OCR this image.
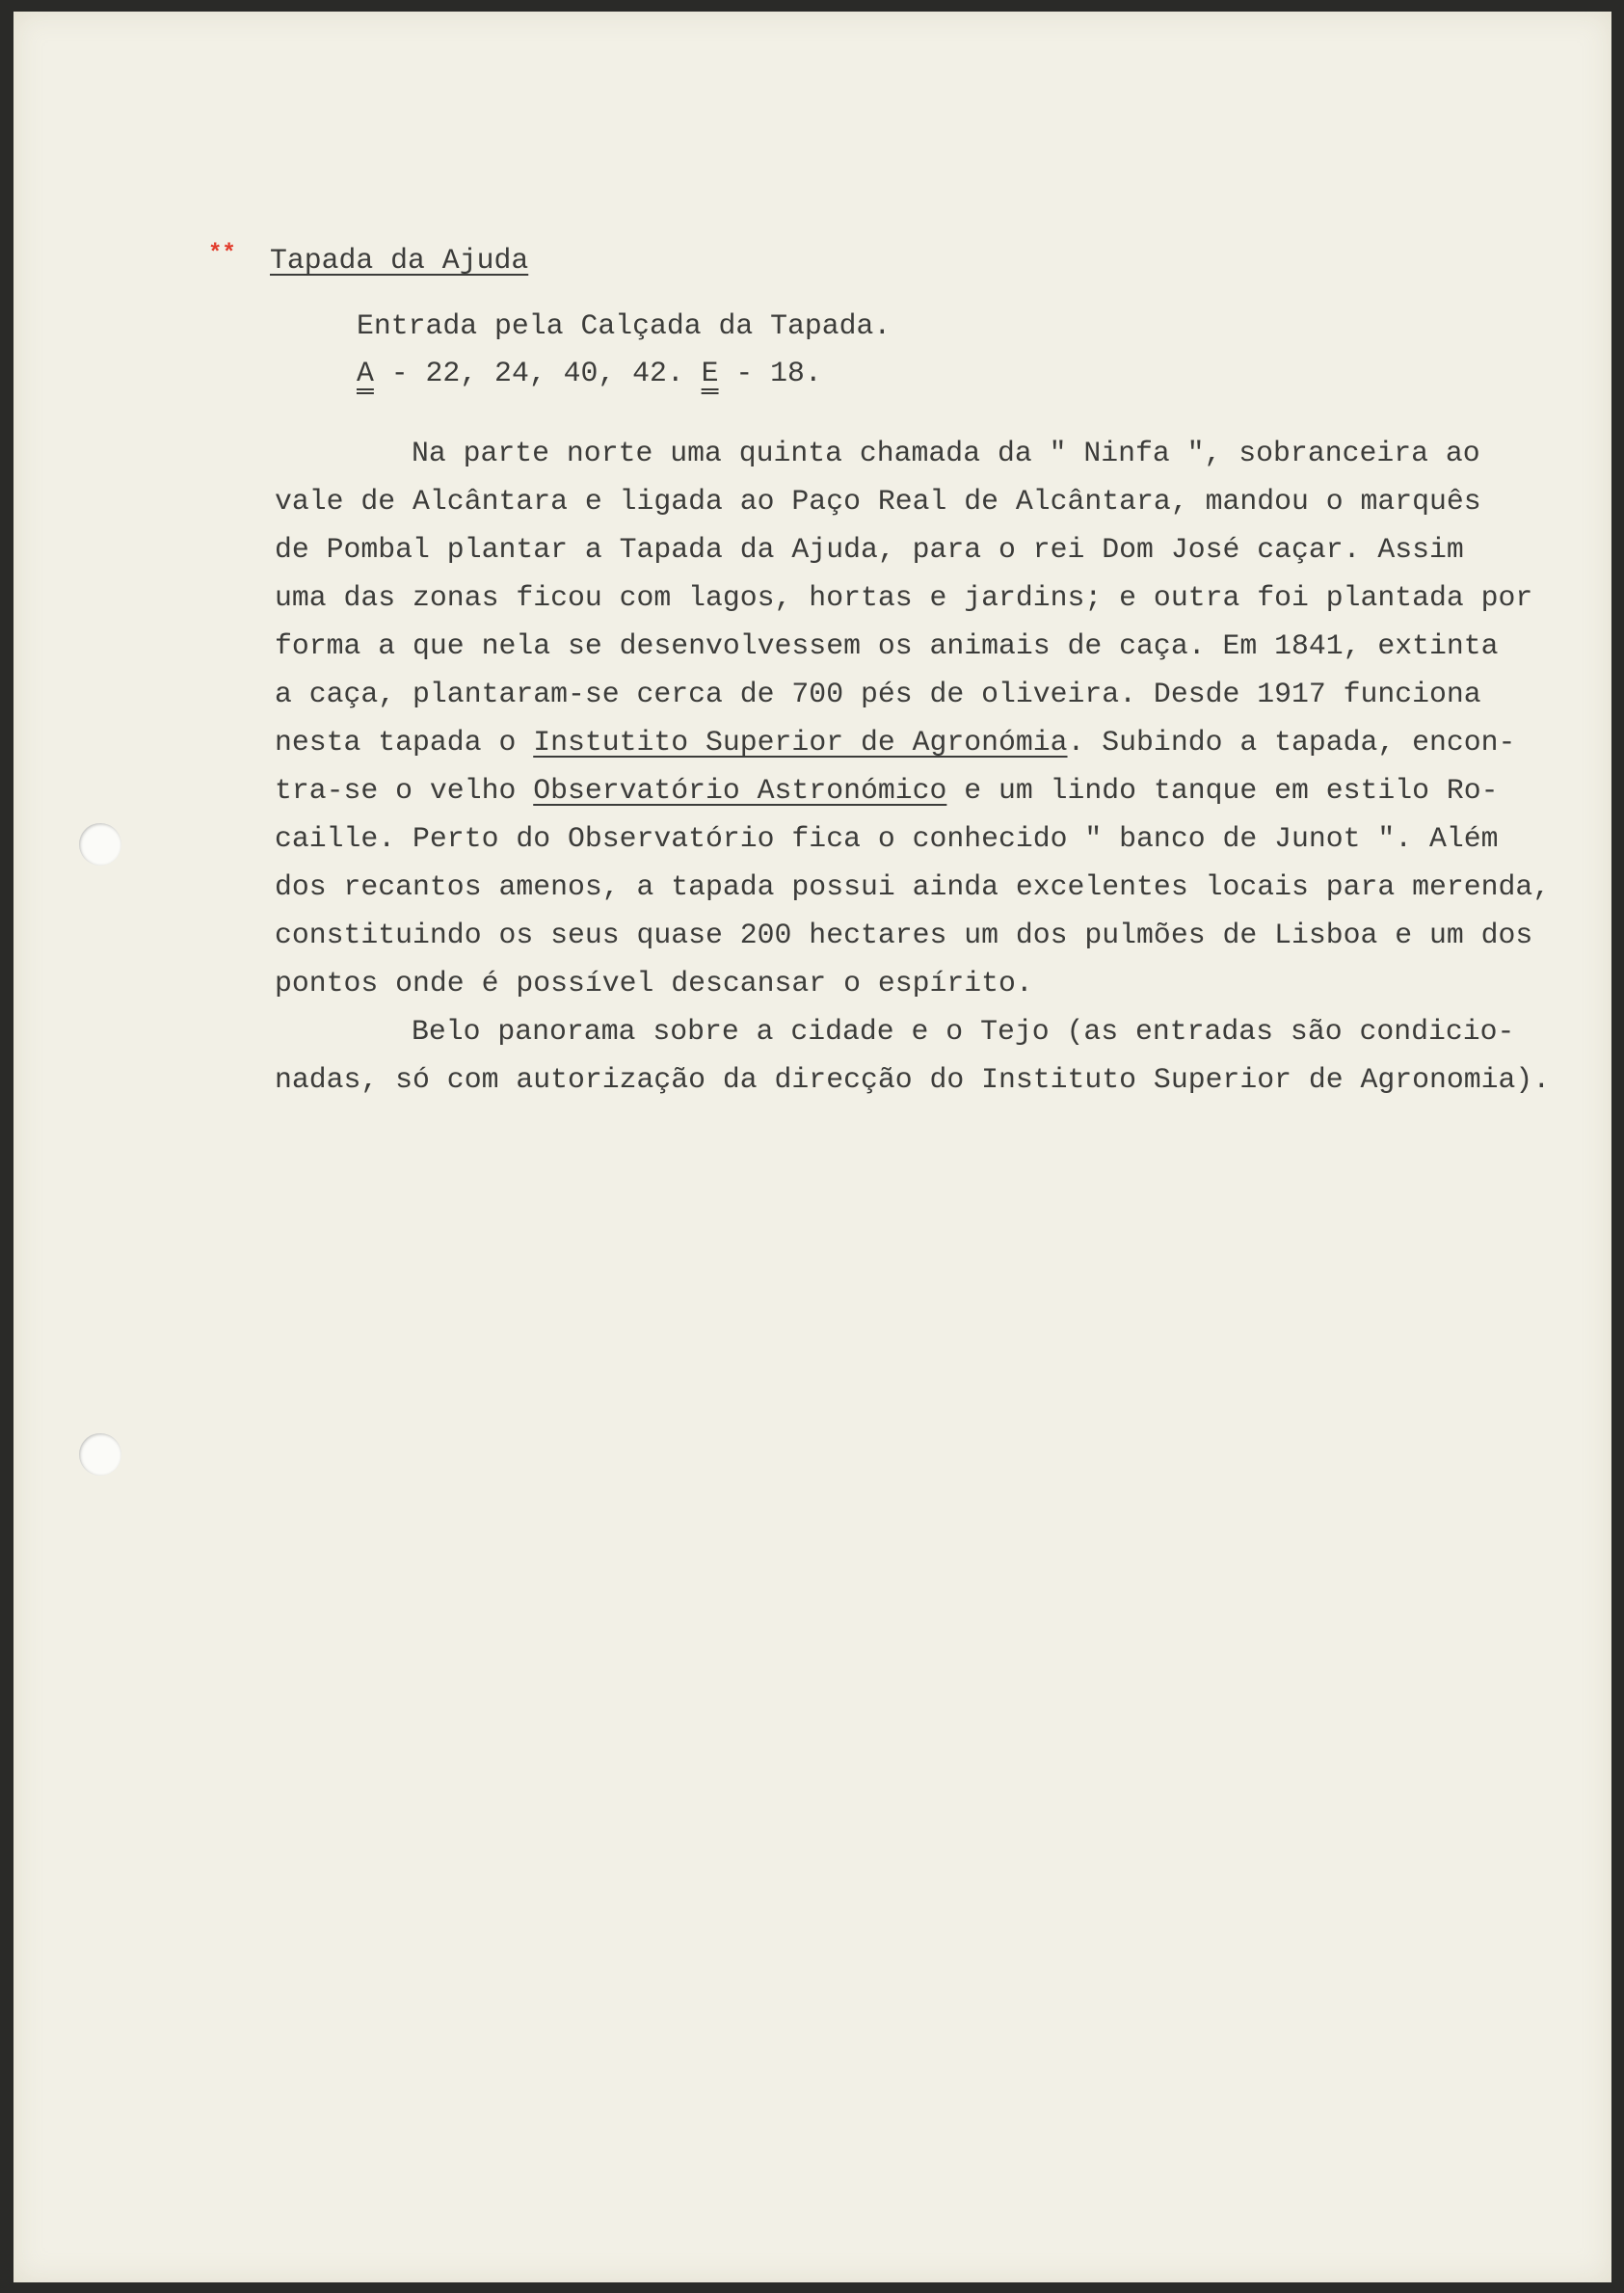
** Tapada da Ajuda
Entrada pela Calçada da Tapada.
A - 22, 24, 40, 42. E - 18.
Na parte norte uma quinta chamada da " Ninfa ", sobranceira ao
vale de Alcântara e ligada ao Paço Real de Alcântara, mandou o marquês
de Pombal plantar a Tapada da Ajuda, para o rei Dom José caçar. Assim
uma das zonas ficou com lagos, hortas e jardins; e outra foi plantada por
forma a que nela se desenvolvessem os animais de caça. Em 1841, extinta
a caça, plantaram-se cerca de 700 pés de oliveira. Desde 1917 funciona
nesta tapada o Instutito Superior de Agronómia. Subindo a tapada, encon-
tra-se o velho Observatório Astronómico e um lindo tanque em estilo Ro-
caille. Perto do Observatório fica o conhecido " banco de Junot ". Além
dos recantos amenos, a tapada possui ainda excelentes locais para merenda,
constituindo os seus quase 200 hectares um dos pulmões de Lisboa e um dos
pontos onde é possível descansar o espírito.
Belo panorama sobre a cidade e o Tejo (as entradas são condicio-
nadas, só com autorização da direcção do Instituto Superior de Agronomia).
